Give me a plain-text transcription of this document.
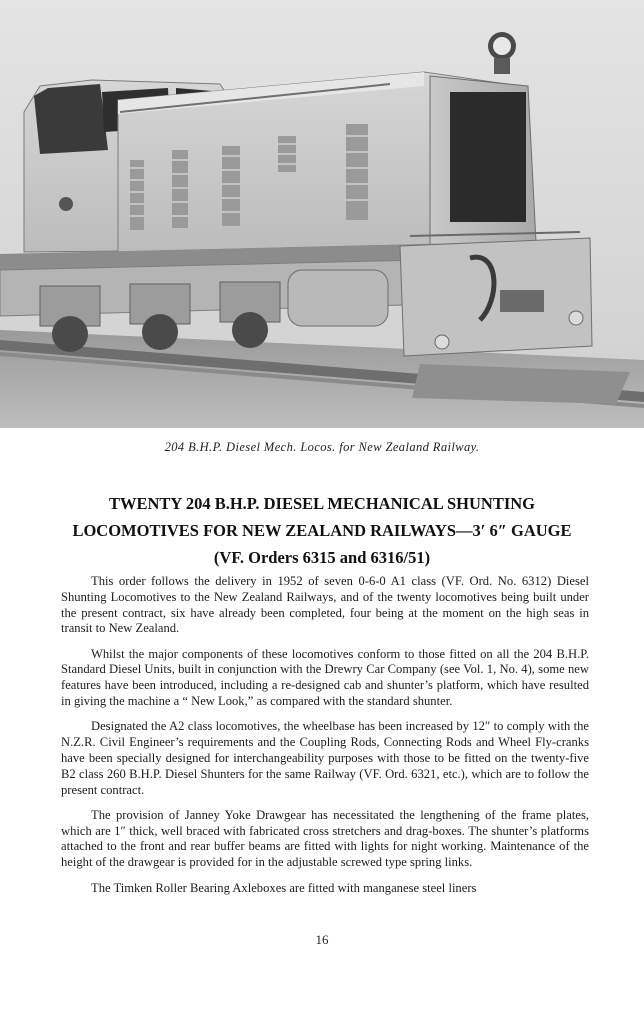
204 B.H.P. Diesel Mech. Locos. for New Zealand Railway.
TWENTY 204 B.H.P. DIESEL MECHANICAL SHUNTING
LOCOMOTIVES FOR NEW ZEALAND RAILWAYS—3′ 6″ GAUGE
(VF. Orders 6315 and 6316/51)

This order follows the delivery in 1952 of seven 0-6-0 A1 class (VF. Ord. No. 6312) Diesel Shunting Locomotives to the New Zealand Railways, and of the twenty locomotives being built under the present contract, six have already been completed, four being at the moment on the high seas in transit to New Zealand.

Whilst the major components of these locomotives conform to those fitted on all the 204 B.H.P. Standard Diesel Units, built in conjunction with the Drewry Car Company (see Vol. 1, No. 4), some new features have been introduced, including a re-designed cab and shunter’s platform, which have resulted in giving the machine a “ New Look,” as compared with the standard shunter.

Designated the A2 class locomotives, the wheelbase has been increased by 12″ to comply with the N.Z.R. Civil Engineer’s requirements and the Coupling Rods, Connecting Rods and Wheel Fly-cranks have been specially designed for interchangeability purposes with those to be fitted on the twenty-five B2 class 260 B.H.P. Diesel Shunters for the same Railway (VF. Ord. 6321, etc.), which are to follow the present contract.

The provision of Janney Yoke Drawgear has necessitated the lengthening of the frame plates, which are 1″ thick, well braced with fabricated cross stretchers and drag-boxes. The shunter’s platforms attached to the front and rear buffer beams are fitted with lights for night working. Maintenance of the height of the drawgear is provided for in the adjustable screwed type spring links.

The Timken Roller Bearing Axleboxes are fitted with manganese steel liners

16
